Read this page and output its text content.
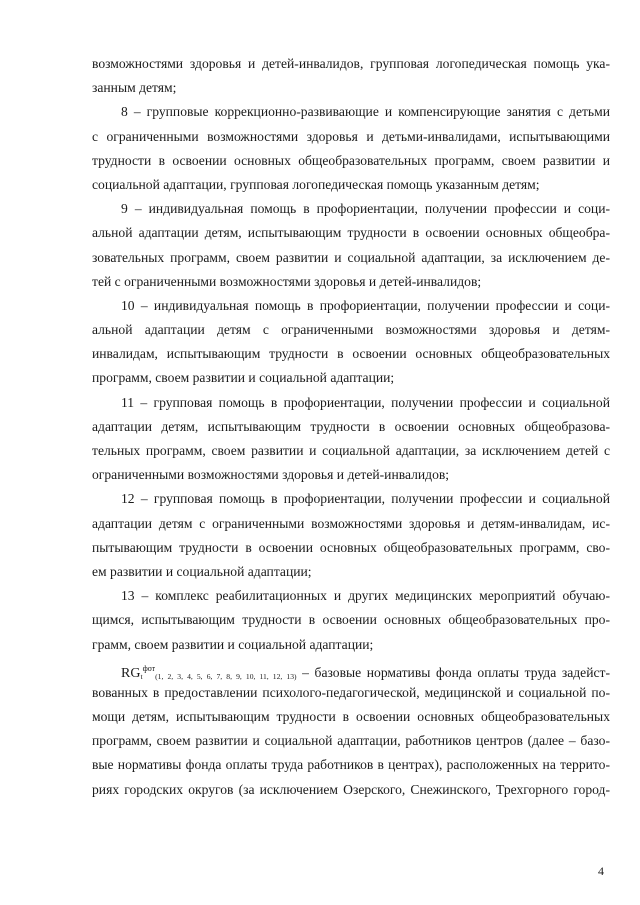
возможностями здоровья и детей-инвалидов, групповая логопедическая помощь ука-
занным детям;
8 – групповые коррекционно-развивающие и компенсирующие занятия с детьми
с ограниченными возможностями здоровья и детьми-инвалидами, испытывающими
трудности в освоении основных общеобразовательных программ, своем развитии и
социальной адаптации, групповая логопедическая помощь указанным детям;
9 – индивидуальная помощь в профориентации, получении профессии и соци-
альной адаптации детям, испытывающим трудности в освоении основных общеобра-
зовательных программ, своем развитии и социальной адаптации, за исключением де-
тей с ограниченными возможностями здоровья и детей-инвалидов;
10 – индивидуальная помощь в профориентации, получении профессии и соци-
альной адаптации детям с ограниченными возможностями здоровья и детям-
инвалидам, испытывающим трудности в освоении основных общеобразовательных
программ, своем развитии и социальной адаптации;
11 – групповая помощь в профориентации, получении профессии и социальной
адаптации детям, испытывающим трудности в освоении основных общеобразова-
тельных программ, своем развитии и социальной адаптации, за исключением детей с
ограниченными возможностями здоровья и детей-инвалидов;
12 – групповая помощь в профориентации, получении профессии и социальной
адаптации детям с ограниченными возможностями здоровья и детям-инвалидам, ис-
пытывающим трудности в освоении основных общеобразовательных программ, сво-
ем развитии и социальной адаптации;
13 – комплекс реабилитационных и других медицинских мероприятий обучаю-
щимся, испытывающим трудности в освоении основных общеобразовательных про-
грамм, своем развитии и социальной адаптации;
$RG_t^{фот}_{(1, 2, 3, 4, 5, 6, 7, 8, 9, 10, 11, 12, 13)}$ – базовые нормативы фонда оплаты труда задейст-
вованных в предоставлении психолого-педагогической, медицинской и социальной по-
мощи детям, испытывающим трудности в освоении основных общеобразовательных
программ, своем развитии и социальной адаптации, работников центров (далее – базо-
вые нормативы фонда оплаты труда работников в центрах), расположенных на террито-
риях городских округов (за исключением Озерского, Снежинского, Трехгорного город-
4
